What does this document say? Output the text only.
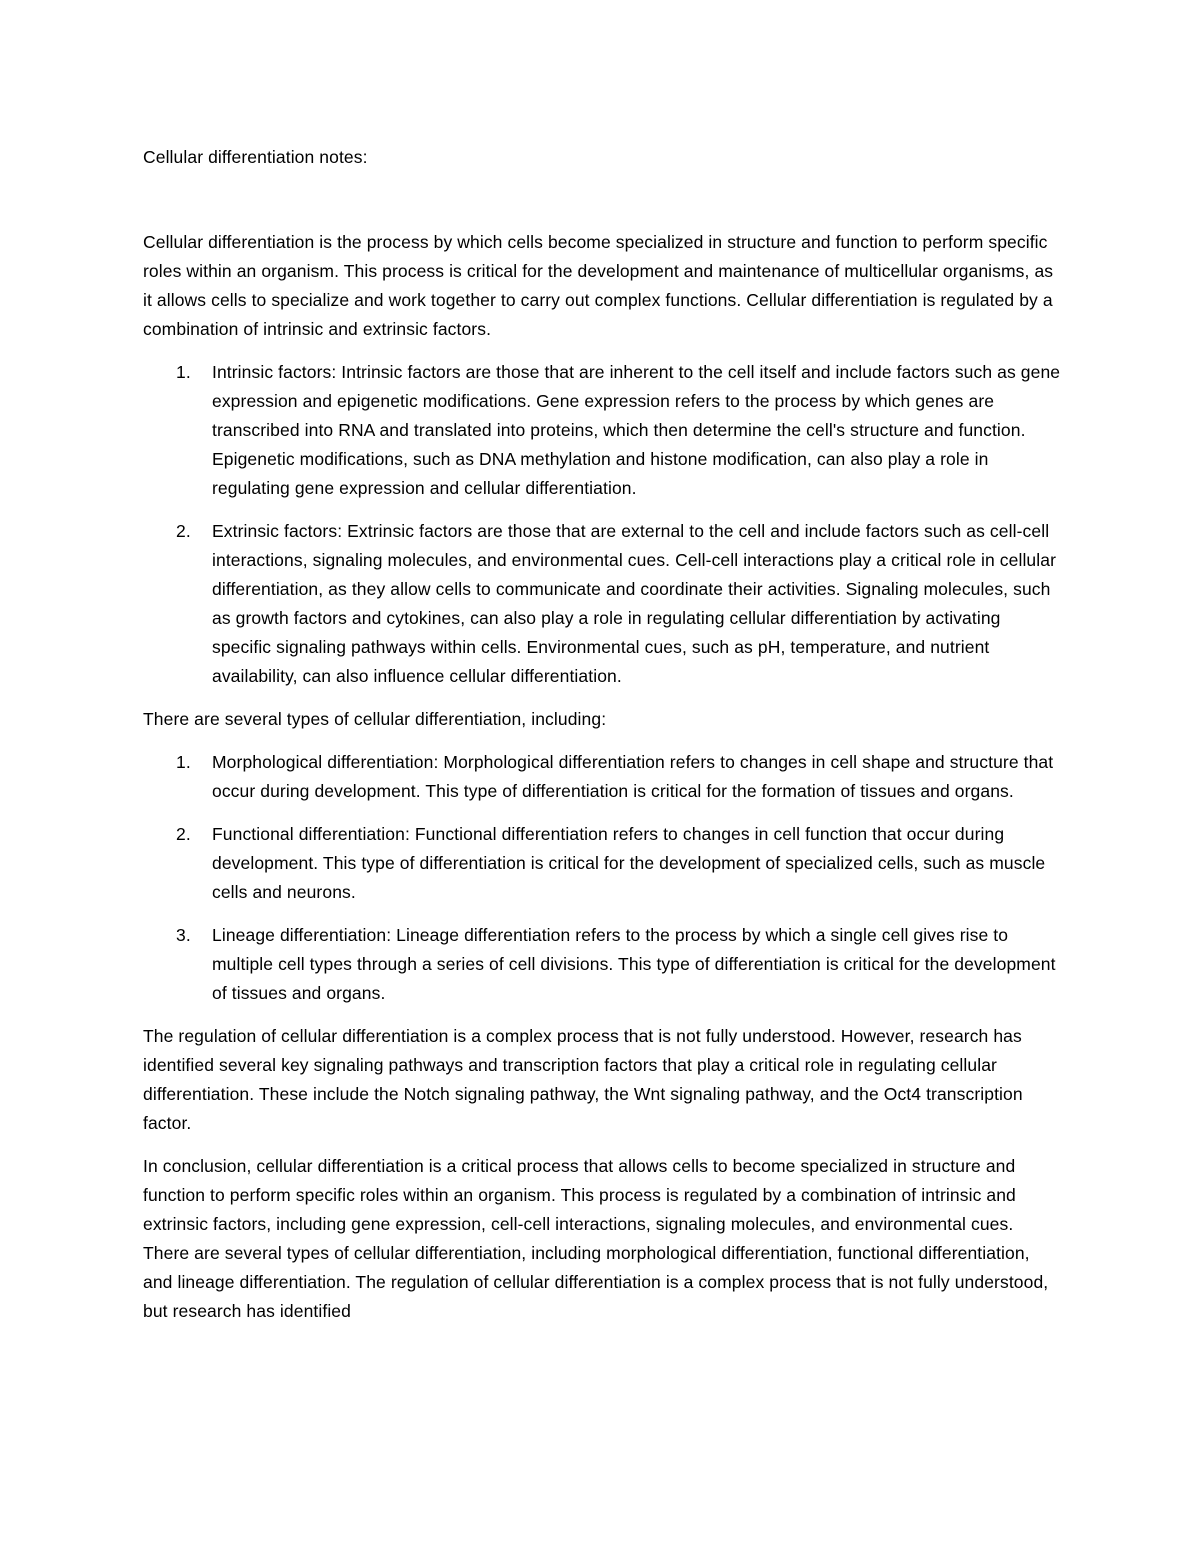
Cellular differentiation notes:

Cellular differentiation is the process by which cells become specialized in structure and function to perform specific roles within an organism. This process is critical for the development and maintenance of multicellular organisms, as it allows cells to specialize and work together to carry out complex functions. Cellular differentiation is regulated by a combination of intrinsic and extrinsic factors.

1. Intrinsic factors: Intrinsic factors are those that are inherent to the cell itself and include factors such as gene expression and epigenetic modifications. Gene expression refers to the process by which genes are transcribed into RNA and translated into proteins, which then determine the cell's structure and function. Epigenetic modifications, such as DNA methylation and histone modification, can also play a role in regulating gene expression and cellular differentiation.
2. Extrinsic factors: Extrinsic factors are those that are external to the cell and include factors such as cell-cell interactions, signaling molecules, and environmental cues. Cell-cell interactions play a critical role in cellular differentiation, as they allow cells to communicate and coordinate their activities. Signaling molecules, such as growth factors and cytokines, can also play a role in regulating cellular differentiation by activating specific signaling pathways within cells. Environmental cues, such as pH, temperature, and nutrient availability, can also influence cellular differentiation.

There are several types of cellular differentiation, including:

1. Morphological differentiation: Morphological differentiation refers to changes in cell shape and structure that occur during development. This type of differentiation is critical for the formation of tissues and organs.
2. Functional differentiation: Functional differentiation refers to changes in cell function that occur during development. This type of differentiation is critical for the development of specialized cells, such as muscle cells and neurons.
3. Lineage differentiation: Lineage differentiation refers to the process by which a single cell gives rise to multiple cell types through a series of cell divisions. This type of differentiation is critical for the development of tissues and organs.

The regulation of cellular differentiation is a complex process that is not fully understood. However, research has identified several key signaling pathways and transcription factors that play a critical role in regulating cellular differentiation. These include the Notch signaling pathway, the Wnt signaling pathway, and the Oct4 transcription factor.

In conclusion, cellular differentiation is a critical process that allows cells to become specialized in structure and function to perform specific roles within an organism. This process is regulated by a combination of intrinsic and extrinsic factors, including gene expression, cell-cell interactions, signaling molecules, and environmental cues. There are several types of cellular differentiation, including morphological differentiation, functional differentiation, and lineage differentiation. The regulation of cellular differentiation is a complex process that is not fully understood, but research has identified
